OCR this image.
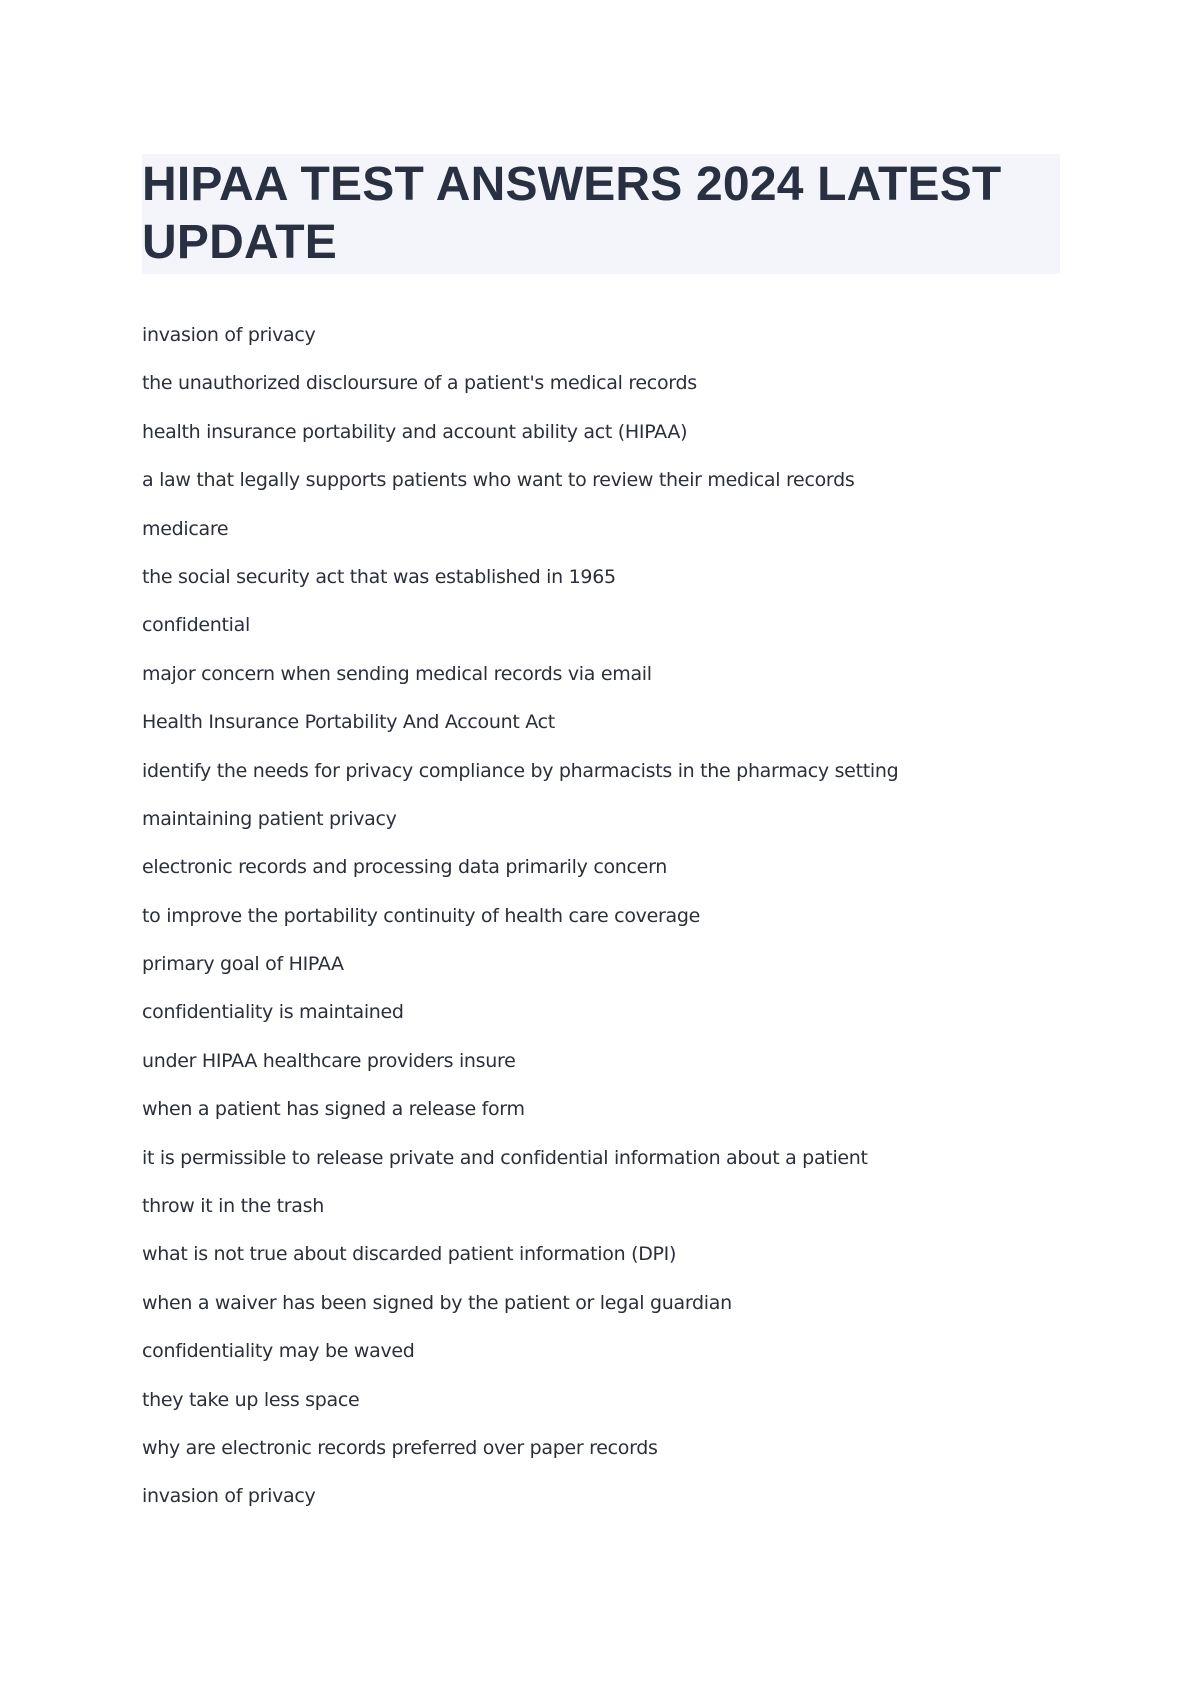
HIPAA TEST ANSWERS 2024 LATEST UPDATE
invasion of privacy
the unauthorized discloursure of a patient's medical records
health insurance portability and account ability act (HIPAA)
a law that legally supports patients who want to review their medical records
medicare
the social security act that was established in 1965
confidential
major concern when sending medical records via email
Health Insurance Portability And Account Act
identify the needs for privacy compliance by pharmacists in the pharmacy setting
maintaining patient privacy
electronic records and processing data primarily concern
to improve the portability continuity of health care coverage
primary goal of HIPAA
confidentiality is maintained
under HIPAA healthcare providers insure
when a patient has signed a release form
it is permissible to release private and confidential information about a patient
throw it in the trash
what is not true about discarded patient information (DPI)
when a waiver has been signed by the patient or legal guardian
confidentiality may be waved
they take up less space
why are electronic records preferred over paper records
invasion of privacy
